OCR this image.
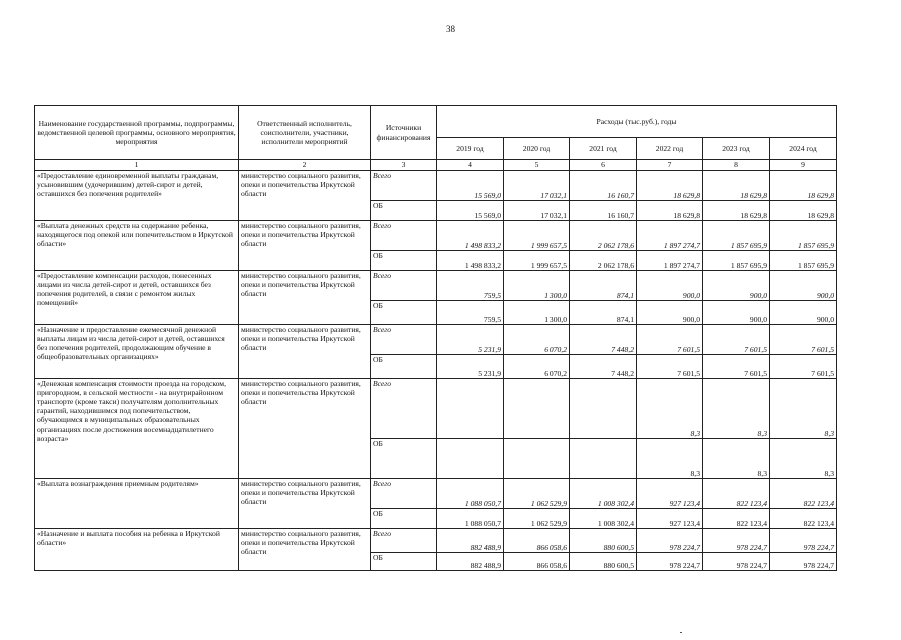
38
Наименование государственной программы, подпрограммы, ведомственной целевой программы, основного мероприятия, мероприятия	Ответственный исполнитель, соисполнители, участники, исполнители мероприятий	Источники финансирования	Расходы (тыс.руб.), годы					
			2019 год	2020 год	2021 год	2022 год	2023 год	2024 год
1	2	3	4	5	6	7	8	9
«Предоставление единовременной выплаты гражданам, усыновившим (удочерившим) детей-сирот и детей, оставшихся без попечения родителей»	министерство социального развития, опеки и попечительства Иркутской области	Всего	15 569,0	17 032,1	16 160,7	18 629,8	18 629,8	18 629,8
		ОБ	15 569,0	17 032,1	16 160,7	18 629,8	18 629,8	18 629,8
«Выплата денежных средств на содержание ребенка, находящегося под опекой или попечительством в Иркутской области»	министерство социального развития, опеки и попечительства Иркутской области	Всего	1 498 833,2	1 999 657,5	2 062 178,6	1 897 274,7	1 857 695,9	1 857 695,9
		ОБ	1 498 833,2	1 999 657,5	2 062 178,6	1 897 274,7	1 857 695,9	1 857 695,9
«Предоставление компенсации расходов, понесенных лицами из числа детей-сирот и детей, оставшихся без попечения родителей, в связи с ремонтом жилых помещений»	министерство социального развития, опеки и попечительства Иркутской области	Всего	759,5	1 300,0	874,1	900,0	900,0	900,0
		ОБ	759,5	1 300,0	874,1	900,0	900,0	900,0
«Назначение и предоставление ежемесячной денежной выплаты лицам из числа детей-сирот и детей, оставшихся без попечения родителей, продолжающим обучение в общеобразовательных организациях»	министерство социального развития, опеки и попечительства Иркутской области	Всего	5 231,9	6 070,2	7 448,2	7 601,5	7 601,5	7 601,5
		ОБ	5 231,9	6 070,2	7 448,2	7 601,5	7 601,5	7 601,5
«Денежная компенсация стоимости проезда на городском, пригородном, в сельской местности - на внутрирайонном транспорте (кроме такси) получателям дополнительных гарантий, находившимся под попечительством, обучающимся в муниципальных образовательных организациях после достижения восемнадцатилетнего возраста»	министерство социального развития, опеки и попечительства Иркутской области	Всего				8,3	8,3	8,3
		ОБ				8,3	8,3	8,3
«Выплата вознаграждения приемным родителям»	министерство социального развития, опеки и попечительства Иркутской области	Всего	1 088 050,7	1 062 529,9	1 008 302,4	927 123,4	822 123,4	822 123,4
		ОБ	1 088 050,7	1 062 529,9	1 008 302,4	927 123,4	822 123,4	822 123,4
«Назначение и выплата пособия на ребенка в Иркутской области»	министерство социального развития, опеки и попечительства Иркутской области	Всего	882 488,9	866 058,6	880 600,5	978 224,7	978 224,7	978 224,7
		ОБ	882 488,9	866 058,6	880 600,5	978 224,7	978 224,7	978 224,7
